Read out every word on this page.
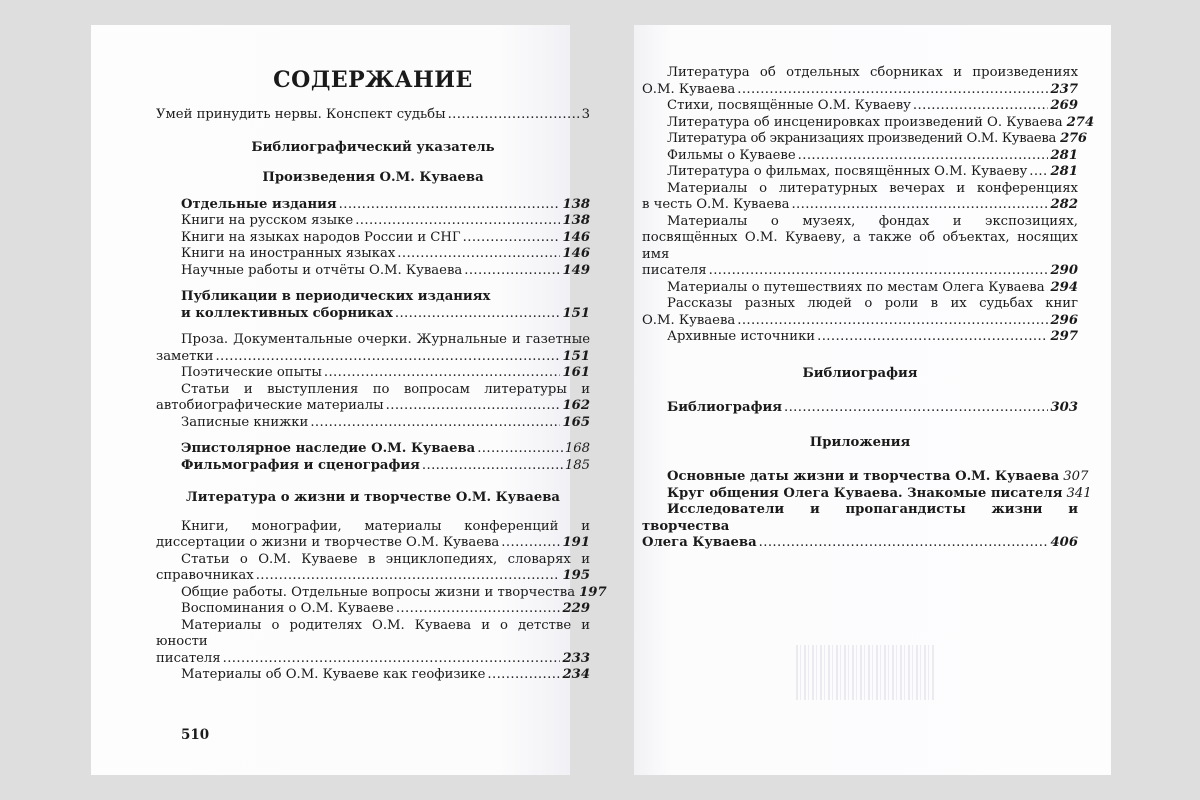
СОДЕРЖАНИЕ
Умей принудить нервы. Конспект судьбы .....	3
Библиографический указатель
Произведения О.М. Куваева
Отдельные издания .....	138
Книги на русском языке .....	138
Книги на языках народов России и СНГ .....	146
Книги на иностранных языках .....	146
Научные работы и отчёты О.М. Куваева .....	149
Публикации в периодических изданиях
и коллективных сборниках .....	151
Проза. Документальные очерки. Журнальные и газетные
заметки .....	151
Поэтические опыты .....	161
Статьи и выступления по вопросам литературы и
автобиографические материалы .....	162
Записные книжки .....	165
Эпистолярное наследие О.М. Куваева .....	168
Фильмография и сценография .....	185
Литература о жизни и творчестве О.М. Куваева
Книги, монографии, материалы конференций и
диссертации о жизни и творчестве О.М. Куваева .....	191
Статьи о О.М. Куваеве в энциклопедиях, словарях и
справочниках .....	195
Общие работы. Отдельные вопросы жизни и творчества 197
Воспоминания о О.М. Куваеве .....	229
Материалы о родителях О.М. Куваева и о детстве и юности
писателя .....	233
Материалы об О.М. Куваеве как геофизике .....	234
510
Литература об отдельных сборниках и произведениях
О.М. Куваева .....	237
Стихи, посвящённые О.М. Куваеву .....	269
Литература об инсценировках произведений О. Куваева 274
Литература об экранизациях произведений О.М. Куваева 276
Фильмы о Куваеве .....	281
Литература о фильмах, посвящённых О.М. Куваеву ..... 281
Материалы о литературных вечерах и конференциях
в честь О.М. Куваева .....	282
Материалы о музеях, фондах и экспозициях,
посвящённых О.М. Куваеву, а также об объектах, носящих имя
писателя .....	290
Материалы о путешествиях по местам Олега Куваева ..... 294
Рассказы разных людей о роли в их судьбах книг
О.М. Куваева .....	296
Архивные источники .....	297
Библиография
Библиография .....	303
Приложения
Основные даты жизни и творчества О.М. Куваева 307
Круг общения Олега Куваева. Знакомые писателя 341
Исследователи и пропагандисты жизни и творчества
Олега Куваева .....	406
